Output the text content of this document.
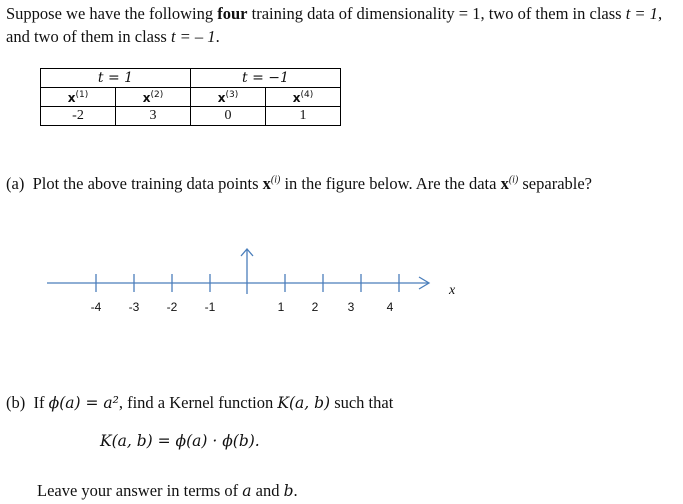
Suppose we have the following four training data of dimensionality = 1, two of them in class t = 1, and two of them in class t = – 1.
t = 1		t = −1	
$x^{(1)}$	$x^{(2)}$	$x^{(3)}$	$x^{(4)}$
-2	3	0	1
(a) Plot the above training data points $x^{(i)}$ in the figure below. Are the data $x^{(i)}$ separable?
-4 -3 -2 -1	1 2 3	4
x
(b) If ϕ(a) = a², find a Kernel function K(a, b) such that
K(a, b) = ϕ(a) · ϕ(b).
Leave your answer in terms of a and b.
